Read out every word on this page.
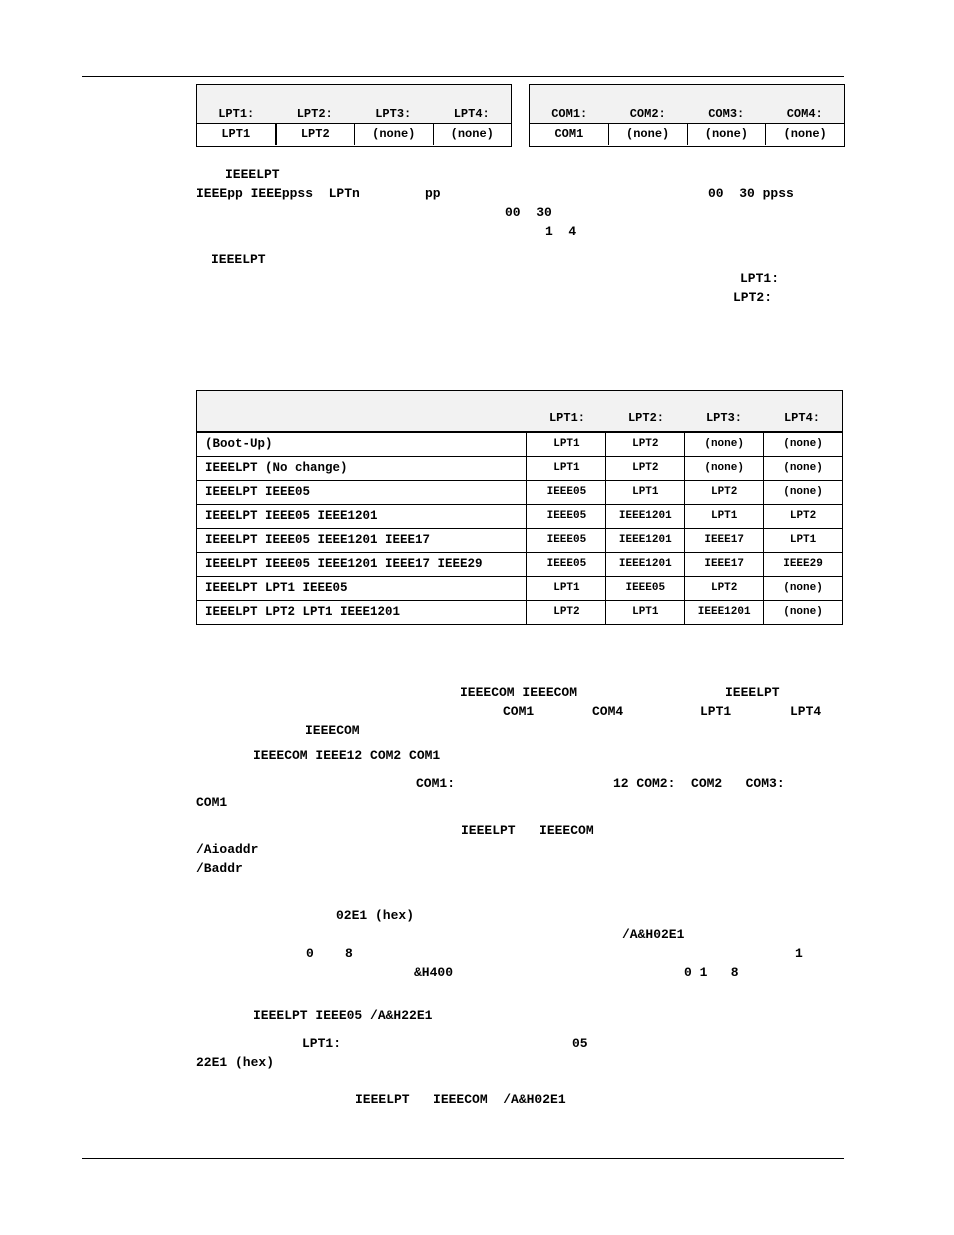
LPT1:	LPT2:	LPT3:	LPT4:
LPT1	LPT2	(none)	(none)
COM1:	COM2:	COM3:	COM4:
COM1	(none)	(none)	(none)
IEEELPT
IEEEpp IEEEppss  LPTn	pp	00  30 ppss
00  30
1  4
IEEELPT
LPT1:
LPT2:
LPT1:	LPT2:	LPT3:	LPT4:
(Boot-Up)	LPT1	LPT2	(none)	(none)
IEEELPT (No change)	LPT1	LPT2	(none)	(none)
IEEELPT IEEE05	IEEE05	LPT1	LPT2	(none)
IEEELPT IEEE05 IEEE1201	IEEE05	IEEE1201	LPT1	LPT2
IEEELPT IEEE05 IEEE1201 IEEE17	IEEE05	IEEE1201	IEEE17	LPT1
IEEELPT IEEE05 IEEE1201 IEEE17 IEEE29	IEEE05	IEEE1201	IEEE17	IEEE29
IEEELPT LPT1 IEEE05	LPT1	IEEE05	LPT2	(none)
IEEELPT LPT2 LPT1 IEEE1201	LPT2	LPT1	IEEE1201	(none)
IEEECOM IEEECOM	IEEELPT
COM1	COM4	LPT1	LPT4
IEEECOM
IEEECOM IEEE12 COM2 COM1
COM1:	12 COM2:  COM2   COM3:
COM1
IEEELPT   IEEECOM
/Aioaddr
/Baddr
02E1 (hex)
/A&H02E1
0    8	1
&H400	0 1   8
IEEELPT IEEE05 /A&H22E1
LPT1:	05
22E1 (hex)
IEEELPT   IEEECOM  /A&H02E1
